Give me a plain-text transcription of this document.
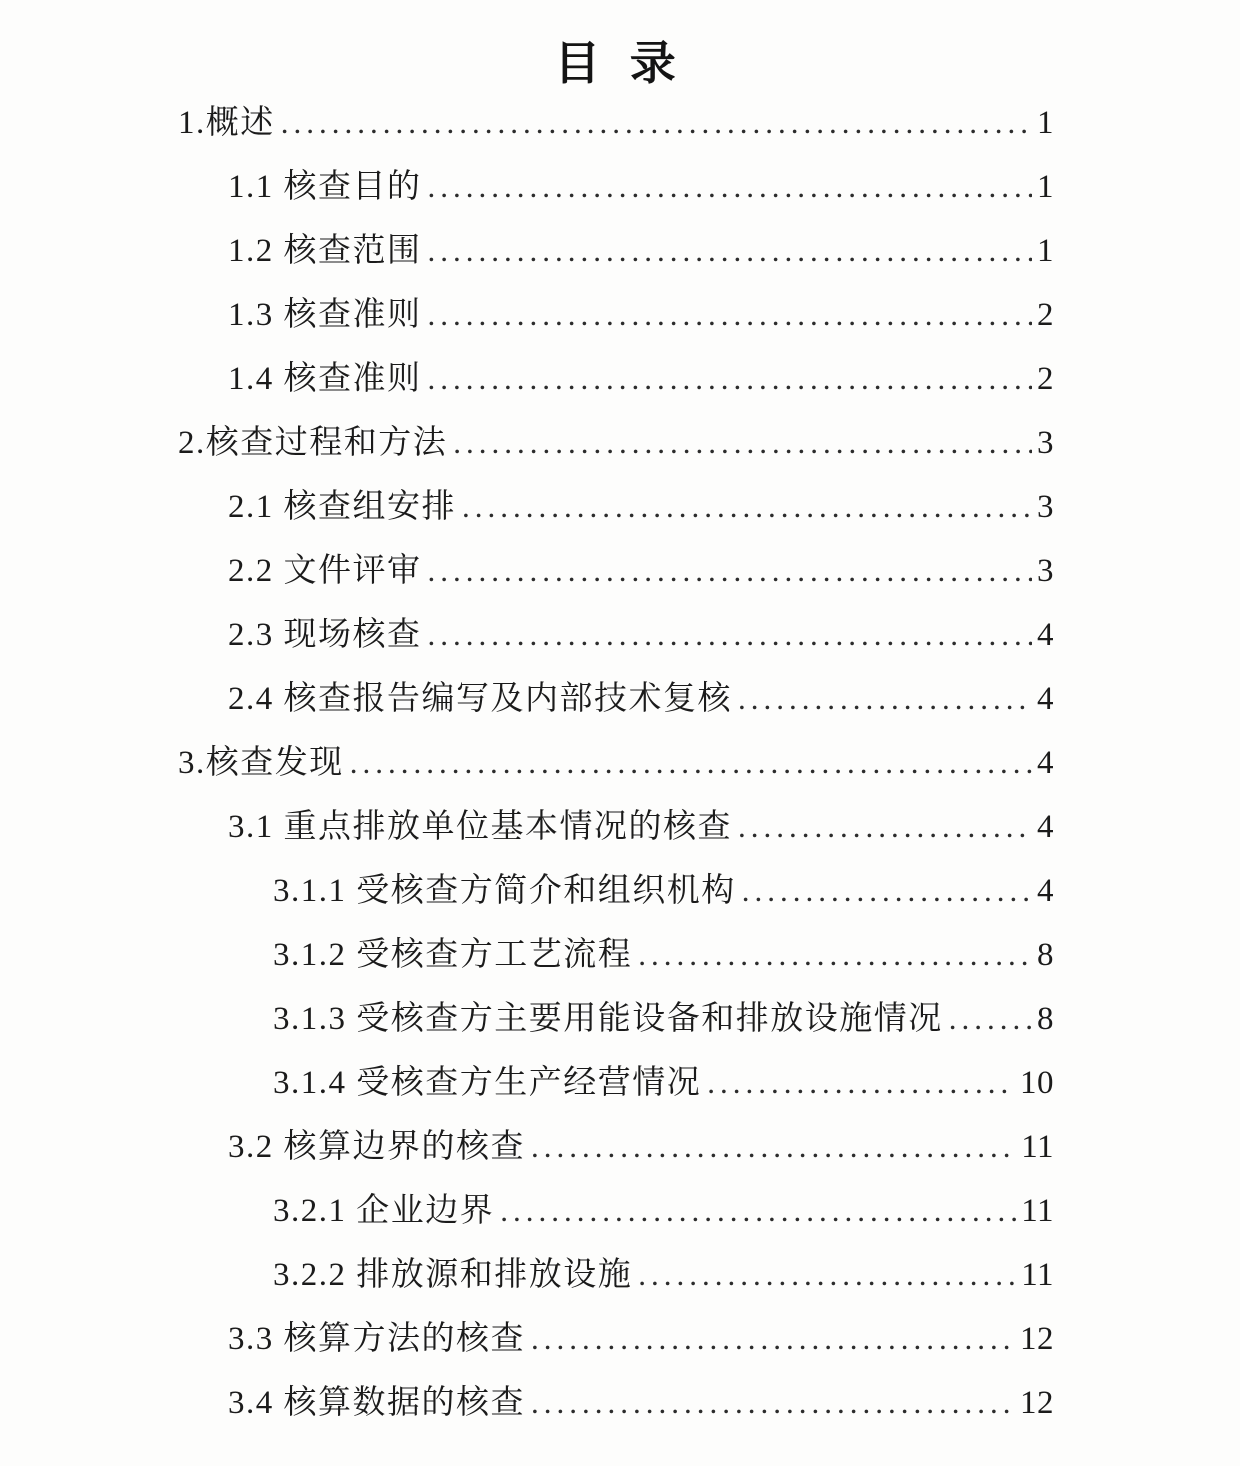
目 录
1.概述 .....	1
1.1 核查目的 .....	1
1.2 核查范围 .....	1
1.3 核查准则 .....	2
1.4 核查准则 .....	2
2.核查过程和方法 .....	3
2.1 核查组安排 .....	3
2.2 文件评审 .....	3
2.3 现场核查 .....	4
2.4 核查报告编写及内部技术复核 .....	4
3.核查发现 .....	4
3.1 重点排放单位基本情况的核查 .....	4
3.1.1 受核查方简介和组织机构 .....	4
3.1.2 受核查方工艺流程 .....	8
3.1.3 受核查方主要用能设备和排放设施情况 .....	8
3.1.4 受核查方生产经营情况 .....	10
3.2 核算边界的核查 .....	11
3.2.1 企业边界 .....	11
3.2.2 排放源和排放设施 .....	11
3.3 核算方法的核查 .....	12
3.4 核算数据的核查 .....	12
